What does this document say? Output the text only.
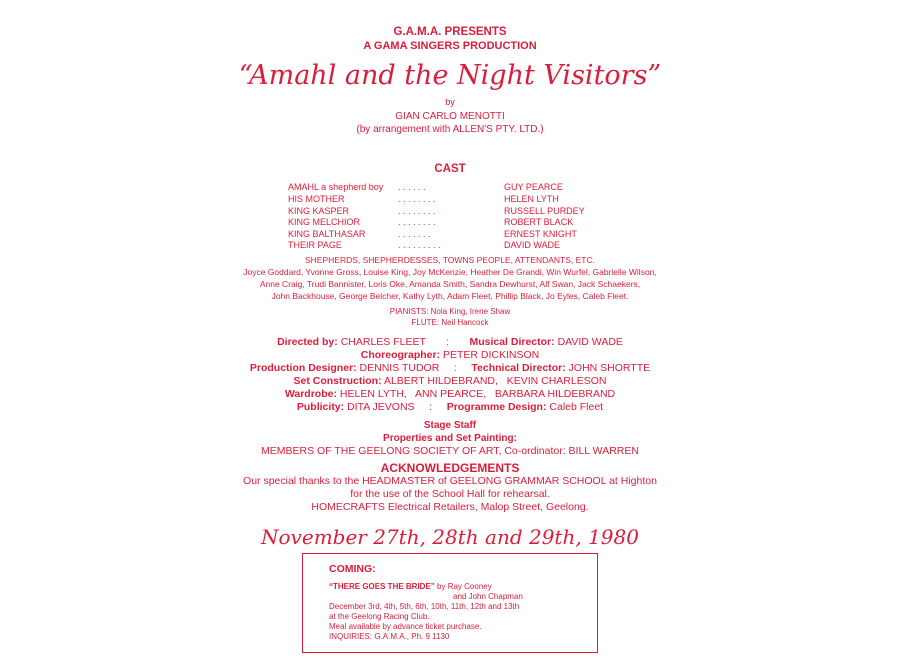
G.A.M.A. PRESENTS
A GAMA SINGERS PRODUCTION
“Amahl and the Night Visitors”
by
GIAN CARLO MENOTTI
(by arrangement with ALLEN'S PTY. LTD.)
CAST
AMAHL a shepherd boy . . . . . .	GUY PEARCE
HIS MOTHER	. . . . . . . .	HELEN LYTH
KING KASPER	. . . . . . . .	RUSSELL PURDEY
KING MELCHIOR	. . . . . . . .	ROBERT BLACK
KING BALTHASAR	. . . . . . .	ERNEST KNIGHT
THEIR PAGE	. . . . . . . . .	DAVID WADE
SHEPHERDS, SHEPHERDESSES, TOWNS PEOPLE, ATTENDANTS, ETC.
Joyce Goddard, Yvonne Gross, Louise King, Joy McKenzie, Heather De Grandi, Win Wurfel, Gabrielle Wilson,
Anne Craig, Trudi Bannister, Loris Oke, Amanda Smith, Sandra Dewhurst, Alf Swan, Jack Schaekers,
John Backhouse, George Belcher, Kathy Lyth, Adam Fleet, Phillip Black, Jo Eyles, Caleb Fleet.
PIANISTS: Nola King, Irene Shaw
FLUTE: Neil Hancock
Directed by: CHARLES FLEET : Musical Director: DAVID WADE
Choreographer: PETER DICKINSON
Production Designer: DENNIS TUDOR : Technical Director: JOHN SHORTTE
Set Construction: ALBERT HILDEBRAND,   KEVIN CHARLESON
Wardrobe: HELEN LYTH,   ANN PEARCE,   BARBARA HILDEBRAND
Publicity: DITA JEVONS : Programme Design: Caleb Fleet
Stage Staff
Properties and Set Painting:
MEMBERS OF THE GEELONG SOCIETY OF ART, Co-ordinator: BILL WARREN
ACKNOWLEDGEMENTS
Our special thanks to the HEADMASTER of GEELONG GRAMMAR SCHOOL at Highton
for the use of the School Hall for rehearsal.
HOMECRAFTS Electrical Retailers, Malop Street, Geelong.
November 27th, 28th and 29th, 1980
COMING:
“THERE GOES THE BRIDE” by Ray Cooney
and John Chapman
December 3rd, 4th, 5th, 6th, 10th, 11th, 12th and 13th
at the Geelong Racing Club.
Meal available by advance ticket purchase.
INQUIRIES: G.A.M.A., Ph. 9 1130
